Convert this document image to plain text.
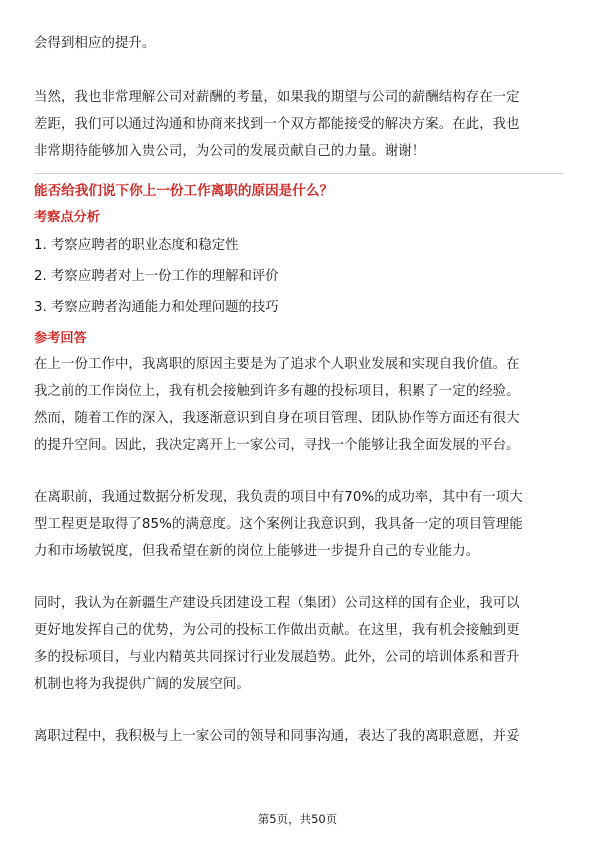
会得到相应的提升。

当然，我也非常理解公司对薪酬的考量，如果我的期望与公司的薪酬结构存在一定
差距，我们可以通过沟通和协商来找到一个双方都能接受的解决方案。在此，我也
非常期待能够加入贵公司，为公司的发展贡献自己的力量。谢谢！

能否给我们说下你上一份工作离职的原因是什么？

考察点分析

1. 考察应聘者的职业态度和稳定性
2. 考察应聘者对上一份工作的理解和评价
3. 考察应聘者沟通能力和处理问题的技巧

参考回答

在上一份工作中，我离职的原因主要是为了追求个人职业发展和实现自我价值。在
我之前的工作岗位上，我有机会接触到许多有趣的投标项目，积累了一定的经验。
然而，随着工作的深入，我逐渐意识到自身在项目管理、团队协作等方面还有很大
的提升空间。因此，我决定离开上一家公司，寻找一个能够让我全面发展的平台。

在离职前，我通过数据分析发现，我负责的项目中有70%的成功率，其中有一项大
型工程更是取得了85%的满意度。这个案例让我意识到，我具备一定的项目管理能
力和市场敏锐度，但我希望在新的岗位上能够进一步提升自己的专业能力。

同时，我认为在新疆生产建设兵团建设工程（集团）公司这样的国有企业，我可以
更好地发挥自己的优势，为公司的投标工作做出贡献。在这里，我有机会接触到更
多的投标项目，与业内精英共同探讨行业发展趋势。此外，公司的培训体系和晋升
机制也将为我提供广阔的发展空间。

离职过程中，我积极与上一家公司的领导和同事沟通，表达了我的离职意愿，并妥

第5页，共50页
